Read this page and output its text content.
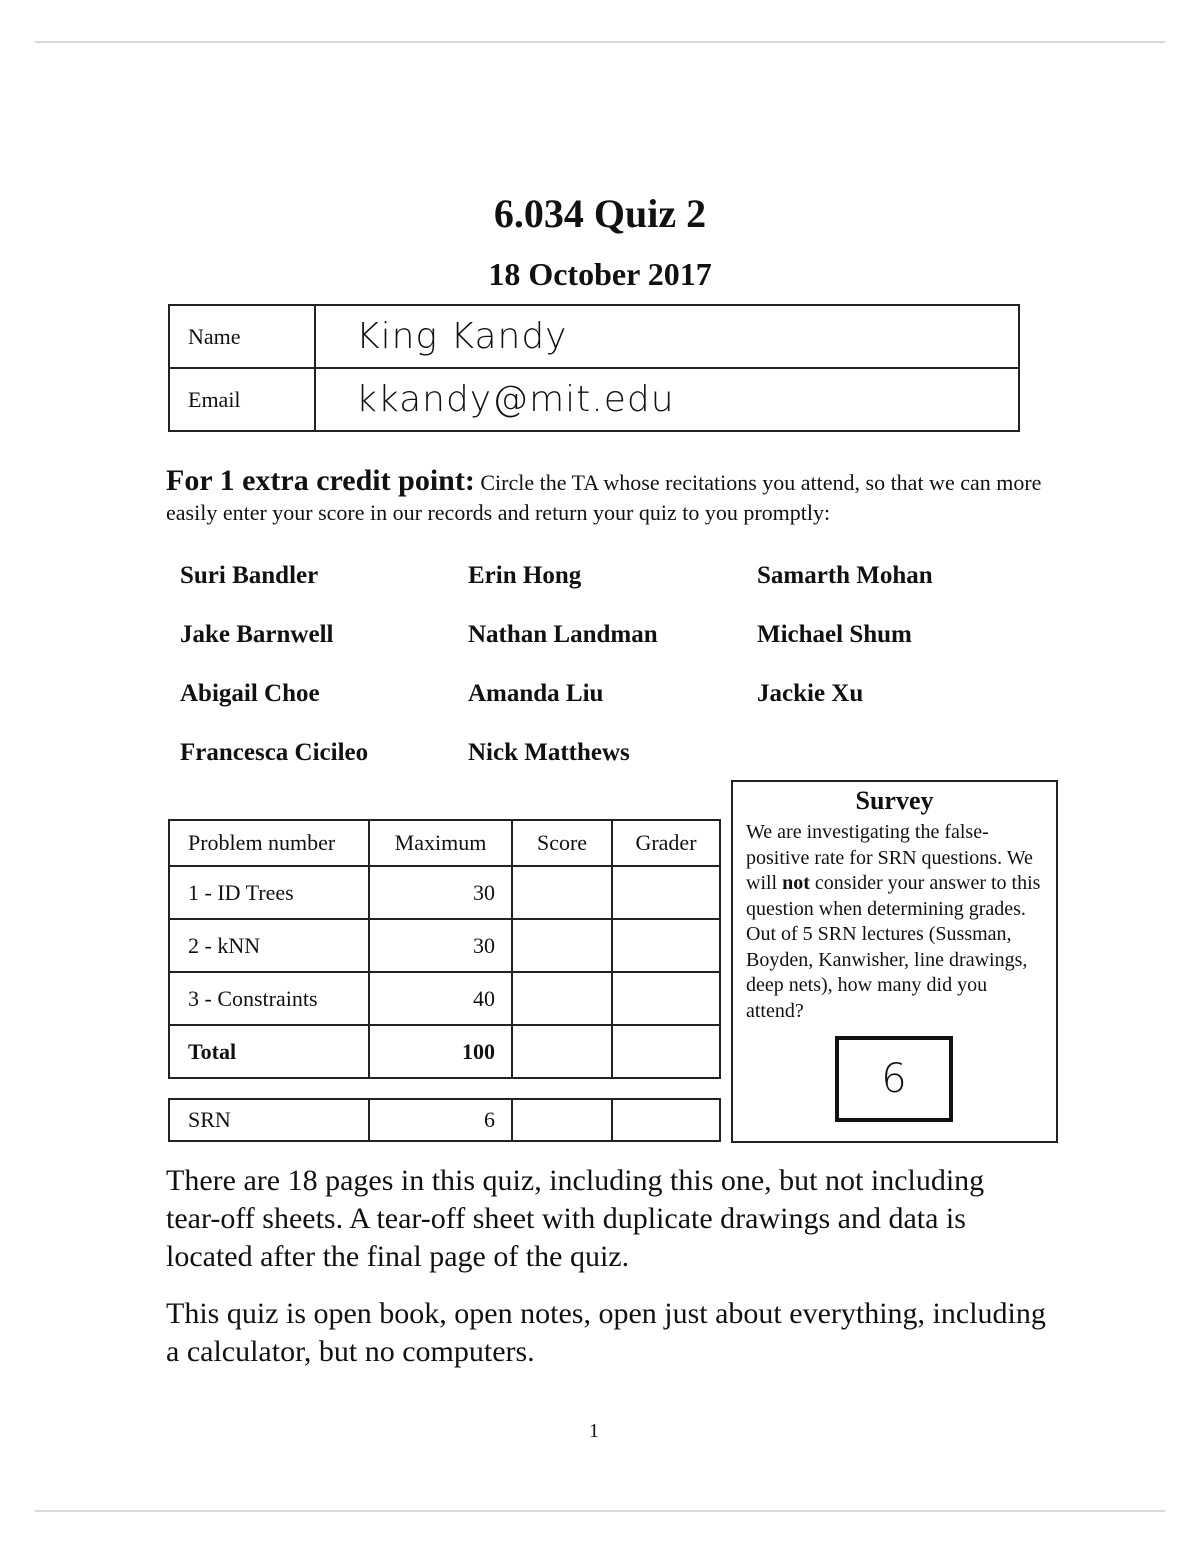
6.034 Quiz 2
18 October 2017
Name	King Kandy
Email	kkandy@mit.edu
For 1 extra credit point: Circle the TA whose recitations you attend, so that we can more easily enter your score in our records and return your quiz to you promptly:
Suri Bandler	Erin Hong	Samarth Mohan
Jake Barnwell	Nathan Landman	Michael Shum
Abigail Choe	Amanda Liu	Jackie Xu
Francesca Cicileo	Nick Matthews
Problem number	Maximum	Score	Grader
1 - ID Trees	30		
2 - kNN	30		
3 - Constraints	40		
Total	100		
SRN	6		
Survey
We are investigating the false-positive rate for SRN questions. We will not consider your answer to this question when determining grades. Out of 5 SRN lectures (Sussman, Boyden, Kanwisher, line drawings, deep nets), how many did you attend?
6
There are 18 pages in this quiz, including this one, but not including tear-off sheets. A tear-off sheet with duplicate drawings and data is located after the final page of the quiz.
This quiz is open book, open notes, open just about everything, including a calculator, but no computers.
1
